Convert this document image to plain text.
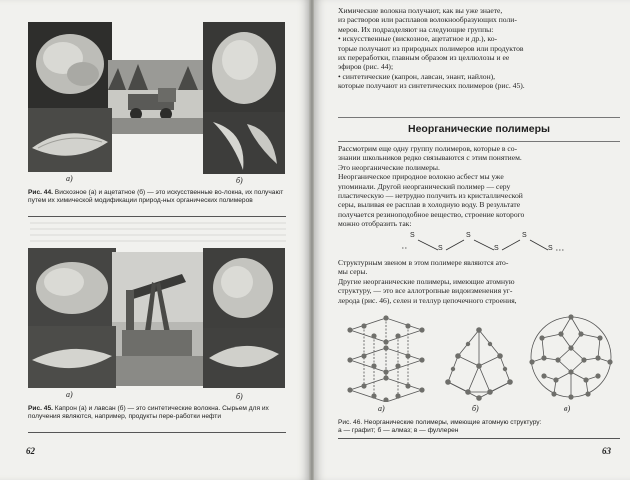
а)	б)
Рис. 44. Вискозное (а) и ацетатное (б) — это искусственные во-локна, их получают путем их химической модификации природ-ных органических полимеров
а)	б)
Рис. 45. Капрон (а) и лавсан (б) — это синтетические волокна. Сырьем для их получения являются, например, продукты пере-работки нефти
62
Химические волокна получают, как вы уже знаете,
из растворов или расплавов волокнообразующих поли-
меров. Их подразделяют на следующие группы:
• искусственные (вискозное, ацетатное и др.), ко-
торые получают из природных полимеров или продуктов
их переработки, главным образом из целлюлозы и ее
эфиров (рис. 44);
• синтетические (капрон, лавсан, энант, найлон),
которые получают из синтетических полимеров (рис. 45).
Неорганические полимеры
Рассмотрим еще одну группу полимеров, которые в со-
знании школьников редко связываются с этим понятием.
Это неорганические полимеры.
Неорганическое природное волокно асбест мы уже
упоминали. Другой неорганический полимер — серу
пластическую — нетрудно получить из кристаллической
серы, выливая ее расплав в холодную воду. В результате
получается резиноподобное вещество, строение которого
можно отобразить так:
S
S
S
S
S
S
Структурным звеном в этом полимере являются ато-
мы серы.
Другие неорганические полимеры, имеющие атомную
структуру, — это все аллотропные видоизменения уг-
лерода (рис. 46), селен и теллур цепочечного строения,
а)	б)	в)
Рис. 46. Неорганические полимеры, имеющие атомную структуру:
а — графит; б — алмаз; в — фуллерен
63
